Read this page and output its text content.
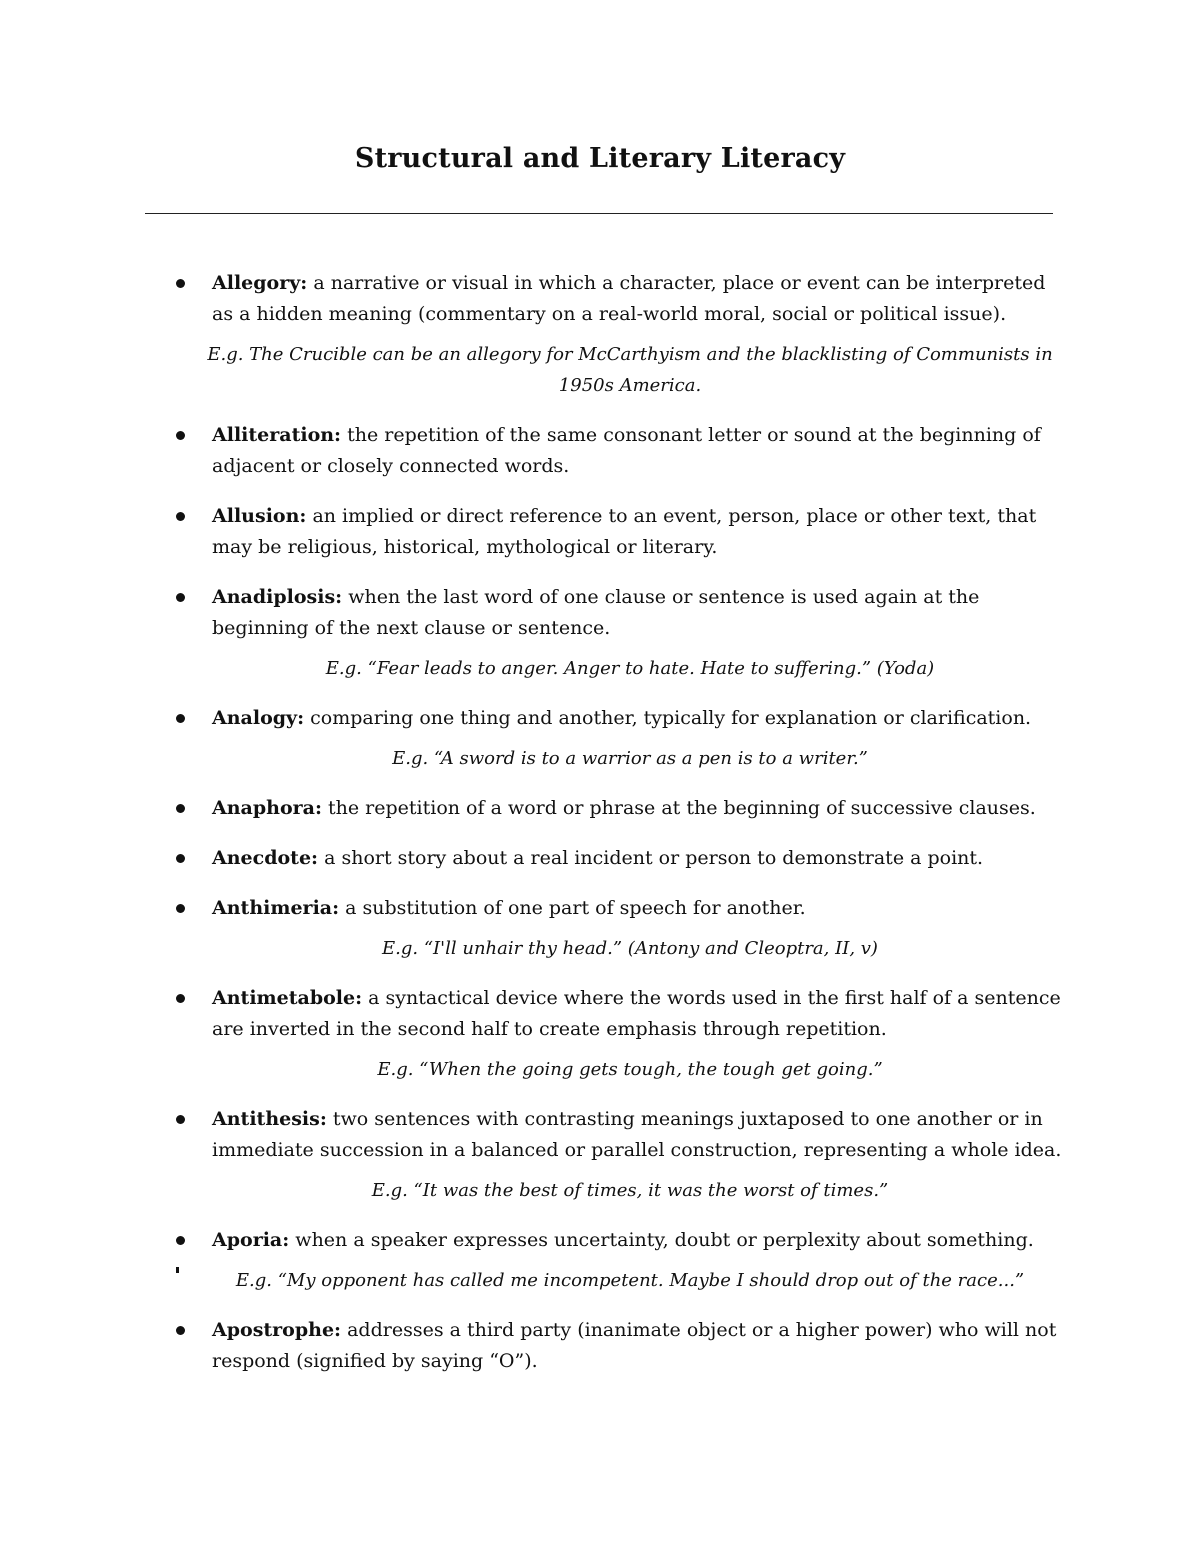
Structural and Literary Literacy
Allegory: a narrative or visual in which a character, place or event can be interpreted as a hidden meaning (commentary on a real-world moral, social or political issue).
E.g. The Crucible can be an allegory for McCarthyism and the blacklisting of Communists in 1950s America.
Alliteration: the repetition of the same consonant letter or sound at the beginning of adjacent or closely connected words.
Allusion: an implied or direct reference to an event, person, place or other text, that may be religious, historical, mythological or literary.
Anadiplosis: when the last word of one clause or sentence is used again at the beginning of the next clause or sentence.
E.g. “Fear leads to anger. Anger to hate. Hate to suffering.” (Yoda)
Analogy: comparing one thing and another, typically for explanation or clarification.
E.g. “A sword is to a warrior as a pen is to a writer.”
Anaphora: the repetition of a word or phrase at the beginning of successive clauses.
Anecdote: a short story about a real incident or person to demonstrate a point.
Anthimeria: a substitution of one part of speech for another.
E.g. “I'll unhair thy head.” (Antony and Cleoptra, II, v)
Antimetabole: a syntactical device where the words used in the first half of a sentence are inverted in the second half to create emphasis through repetition.
E.g. “When the going gets tough, the tough get going.”
Antithesis: two sentences with contrasting meanings juxtaposed to one another or in immediate succession in a balanced or parallel construction, representing a whole idea.
E.g. “It was the best of times, it was the worst of times.”
Aporia: when a speaker expresses uncertainty, doubt or perplexity about something.
E.g. “My opponent has called me incompetent. Maybe I should drop out of the race...”
Apostrophe: addresses a third party (inanimate object or a higher power) who will not respond (signified by saying “O”).
